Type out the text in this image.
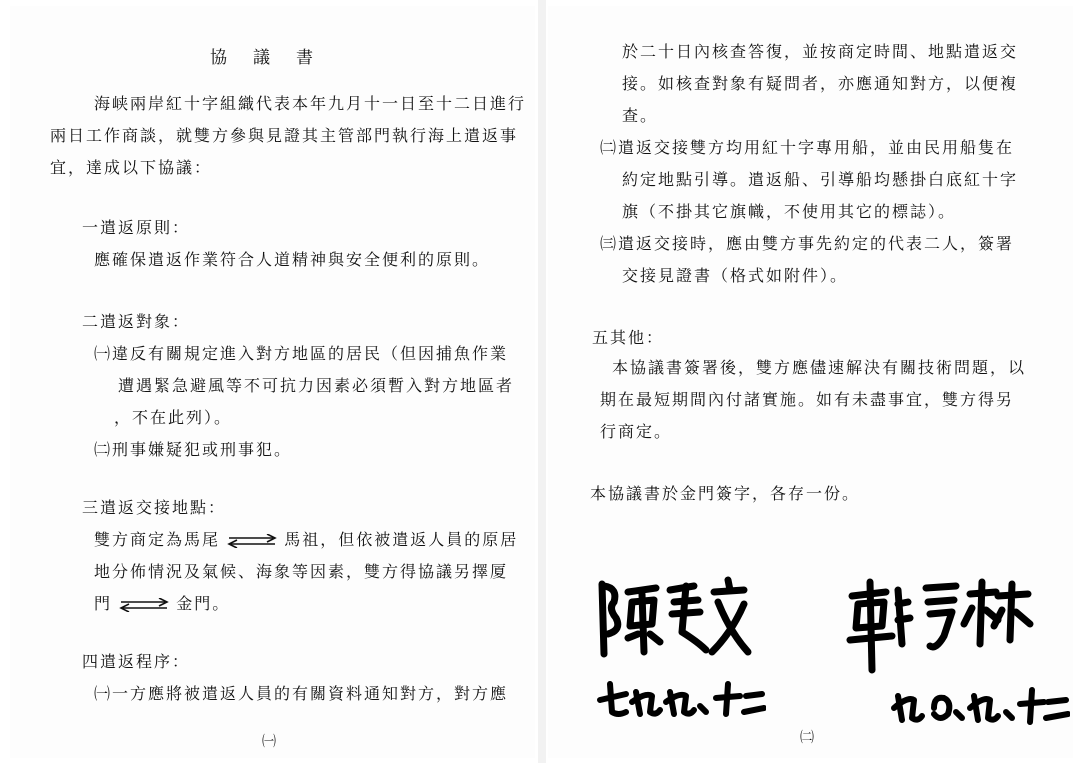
協議書
海峡兩岸紅十字組織代表本年九月十一日至十二日進行
兩日工作商談，就雙方參與見證其主管部門執行海上遣返事
宜，達成以下協議：
一遣返原則：
應確保遣返作業符合人道精神與安全便利的原則。
二遣返對象：
㈠違反有關規定進入對方地區的居民（但因捕魚作業
遭遇緊急避風等不可抗力因素必須暫入對方地區者
，不在此列）。
㈡刑事嫌疑犯或刑事犯。
三遣返交接地點：
雙方商定為馬尾	馬祖，但依被遣返人員的原居
地分佈情況及氣候、海象等因素，雙方得協議另擇厦
門	金門。
四遣返程序：
㈠一方應將被遣返人員的有關資料通知對方，對方應
㈠
於二十日內核查答復，並按商定時間、地點遣返交
接。如核查對象有疑問者，亦應通知對方，以便複
查。
㈡遣返交接雙方均用紅十字專用船，並由民用船隻在
約定地點引導。遣返船、引導船均懸掛白底紅十字
旗（不掛其它旗幟，不使用其它的標誌）。
㈢遣返交接時，應由雙方事先約定的代表二人，簽署
交接見證書（格式如附件）。
五其他：
本協議書簽署後，雙方應儘速解決有關技術問題，以
期在最短期間內付諸實施。如有未盡事宜，雙方得另
行商定。
本協議書於金門簽字，各存一份。
㈡
